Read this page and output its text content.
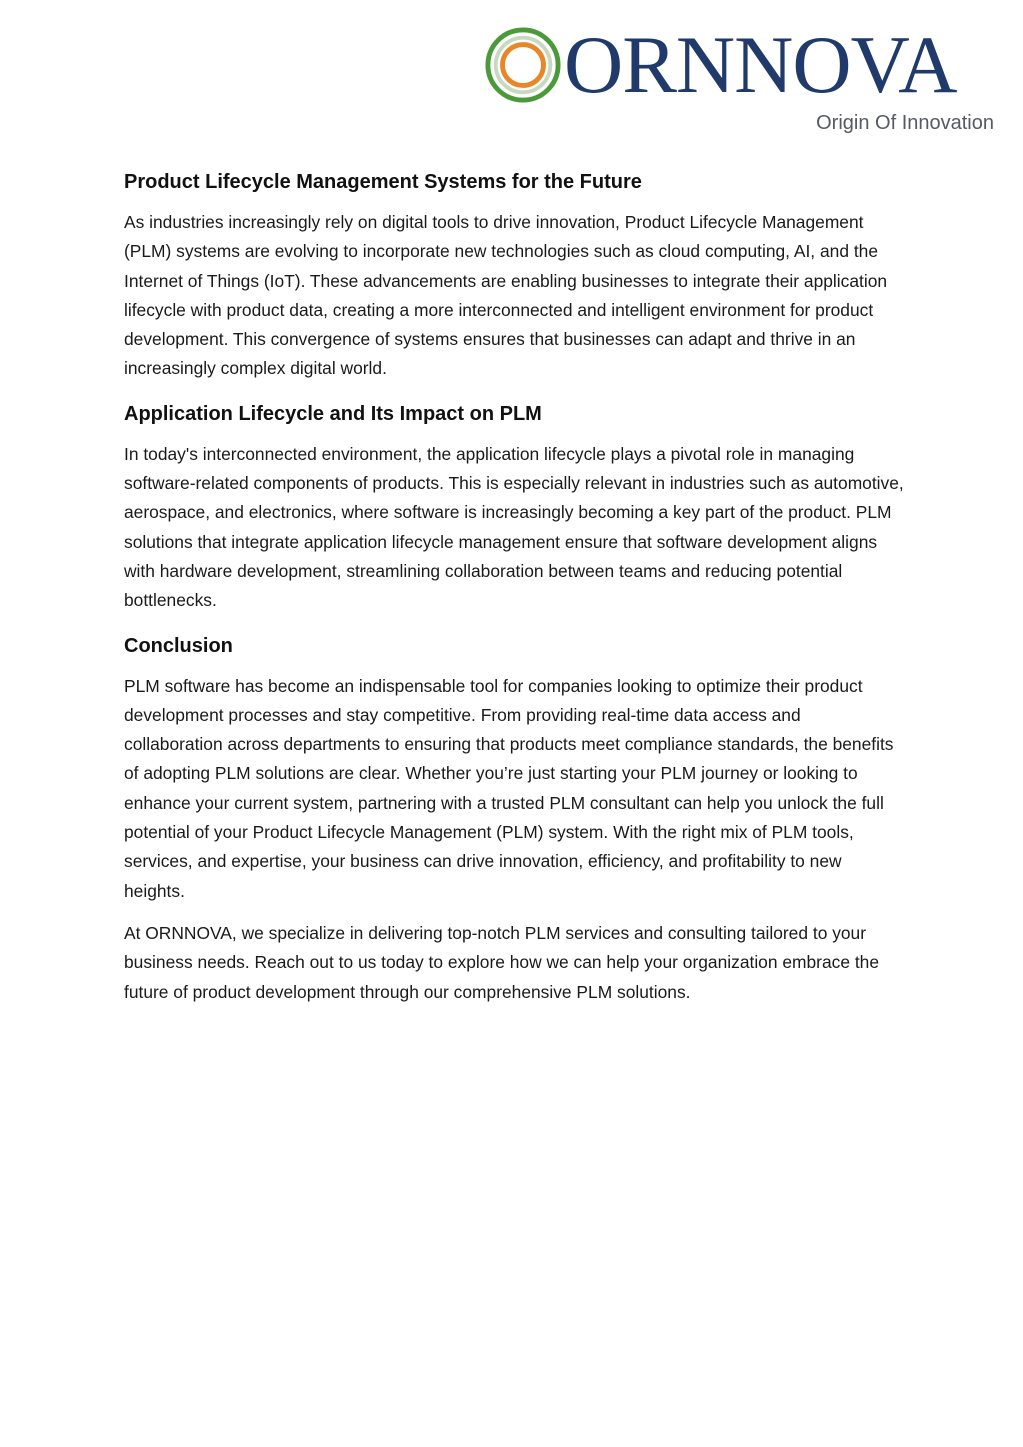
ORNNOVA
Origin Of Innovation
Product Lifecycle Management Systems for the Future

As industries increasingly rely on digital tools to drive innovation, Product Lifecycle Management (PLM) systems are evolving to incorporate new technologies such as cloud computing, AI, and the Internet of Things (IoT). These advancements are enabling businesses to integrate their application lifecycle with product data, creating a more interconnected and intelligent environment for product development. This convergence of systems ensures that businesses can adapt and thrive in an increasingly complex digital world.

Application Lifecycle and Its Impact on PLM

In today's interconnected environment, the application lifecycle plays a pivotal role in managing software-related components of products. This is especially relevant in industries such as automotive, aerospace, and electronics, where software is increasingly becoming a key part of the product. PLM solutions that integrate application lifecycle management ensure that software development aligns with hardware development, streamlining collaboration between teams and reducing potential bottlenecks.

Conclusion

PLM software has become an indispensable tool for companies looking to optimize their product development processes and stay competitive. From providing real-time data access and collaboration across departments to ensuring that products meet compliance standards, the benefits of adopting PLM solutions are clear. Whether you’re just starting your PLM journey or looking to enhance your current system, partnering with a trusted PLM consultant can help you unlock the full potential of your Product Lifecycle Management (PLM) system. With the right mix of PLM tools, services, and expertise, your business can drive innovation, efficiency, and profitability to new heights.

At ORNNOVA, we specialize in delivering top-notch PLM services and consulting tailored to your business needs. Reach out to us today to explore how we can help your organization embrace the future of product development through our comprehensive PLM solutions.
